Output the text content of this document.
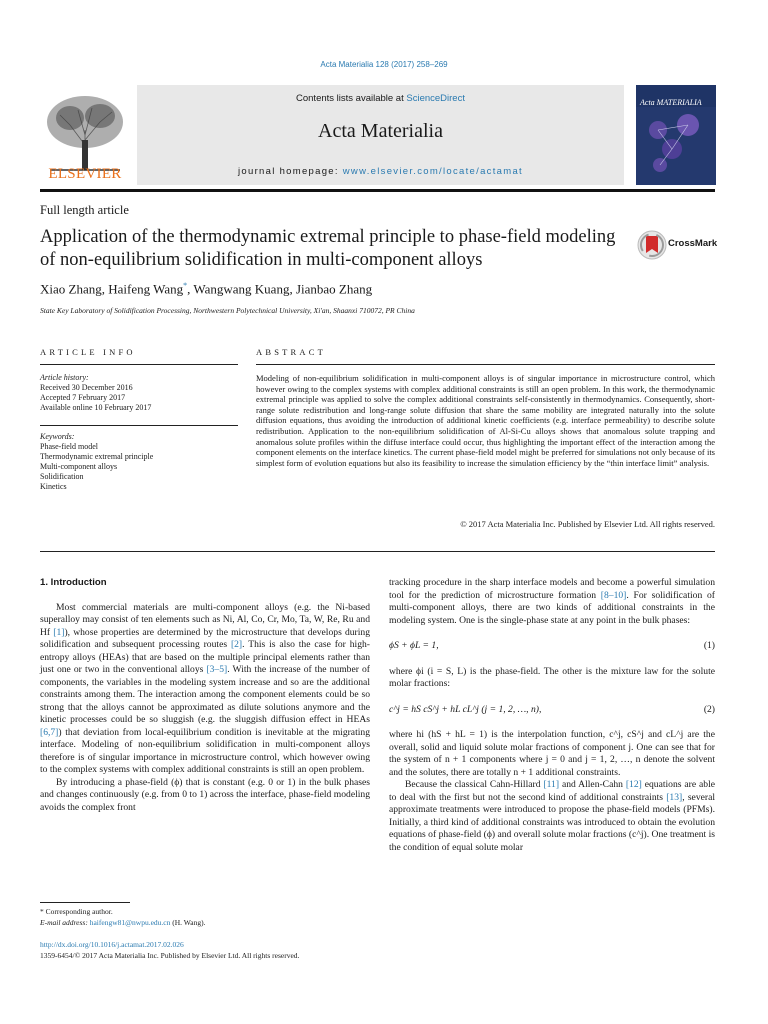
Acta Materialia 128 (2017) 258–269
ELSEVIER
Contents lists available at ScienceDirect
Acta Materialia
journal homepage: www.elsevier.com/locate/actamat
Acta MATERIALIA
Full length article
Application of the thermodynamic extremal principle to phase-field modeling of non-equilibrium solidification in multi-component alloys
CrossMark
Xiao Zhang, Haifeng Wang*, Wangwang Kuang, Jianbao Zhang
State Key Laboratory of Solidification Processing, Northwestern Polytechnical University, Xi'an, Shaanxi 710072, PR China
ARTICLE INFO	ABSTRACT
Article history:
Received 30 December 2016
Accepted 7 February 2017
Available online 10 February 2017
Keywords:
Phase-field model
Thermodynamic extremal principle
Multi-component alloys
Solidification
Kinetics
Modeling of non-equilibrium solidification in multi-component alloys is of singular importance in microstructure control, which however owing to the complex systems with complex additional constraints is still an open problem. In this work, the thermodynamic extremal principle was applied to solve the complex additional constraints self-consistently in thermodynamics. Consequently, short-range solute redistribution and long-range solute diffusion that share the same mobility are integrated naturally into the solute diffusion equations, thus avoiding the introduction of additional kinetic coefficients (e.g. interface permeability) to describe solute redistribution. Application to the non-equilibrium solidification of Al-Si-Cu alloys shows that anomalous solute trapping and anomalous solute profiles within the diffuse interface could occur, thus highlighting the important effect of the interaction among the component elements on the interface kinetics. The current phase-field model might be preferred for simulations not only because of its simplest form of evolution equations but also its feasibility to increase the simulation efficiency by the “thin interface limit” analysis.
© 2017 Acta Materialia Inc. Published by Elsevier Ltd. All rights reserved.
1. Introduction

Most commercial materials are multi-component alloys (e.g. the Ni-based superalloy may consist of ten elements such as Ni, Al, Co, Cr, Mo, Ta, W, Re, Ru and Hf [1]), whose properties are determined by the microstructure that develops during solidification and subsequent processing routes [2]. This is also the case for high-entropy alloys (HEAs) that are based on the multiple principal elements rather than just one or two in the conventional alloys [3–5]. With the increase of the number of components, the variables in the modeling system increase and so are the additional constraints among them. The interaction among the component elements could be so strong that the alloys cannot be approximated as dilute solutions anymore and the kinetic processes could be so sluggish (e.g. the sluggish diffusion effect in HEAs [6,7]) that deviation from local-equilibrium condition is inevitable at the migrating interface. Modeling of non-equilibrium solidification in multi-component alloys therefore is of singular importance in microstructure control, which however owing to the complex systems with complex additional constraints is still an open problem.

By introducing a phase-field (ϕ) that is constant (e.g. 0 or 1) in the bulk phases and changes continuously (e.g. from 0 to 1) across the interface, phase-field modeling avoids the complex front

tracking procedure in the sharp interface models and become a powerful simulation tool for the prediction of microstructure formation [8–10]. For solidification of multi-component alloys, there are two kinds of additional constraints in the modeling system. One is the single-phase state at any point in the bulk phases:

ϕS + ϕL = 1,	(1)

where ϕi (i = S, L) is the phase-field. The other is the mixture law for the solute molar fractions:

c^j = hS cS^j + hL cL^j (j = 1, 2, …, n),	(2)

where hi (hS + hL = 1) is the interpolation function, c^j, cS^j and cL^j are the overall, solid and liquid solute molar fractions of component j. One can see that for the system of n + 1 components where j = 0 and j = 1, 2, …, n denote the solvent and the solutes, there are totally n + 1 additional constraints.

Because the classical Cahn-Hillard [11] and Allen-Cahn [12] equations are able to deal with the first but not the second kind of additional constraints [13], several approximate treatments were introduced to propose the phase-field models (PFMs). Initially, a third kind of additional constraints was introduced to obtain the evolution equations of phase-field (ϕ) and overall solute molar fractions (c^j). One treatment is the condition of equal solute molar

* Corresponding author.
E-mail address: haifengw81@nwpu.edu.cn (H. Wang).
http://dx.doi.org/10.1016/j.actamat.2017.02.026
1359-6454/© 2017 Acta Materialia Inc. Published by Elsevier Ltd. All rights reserved.
